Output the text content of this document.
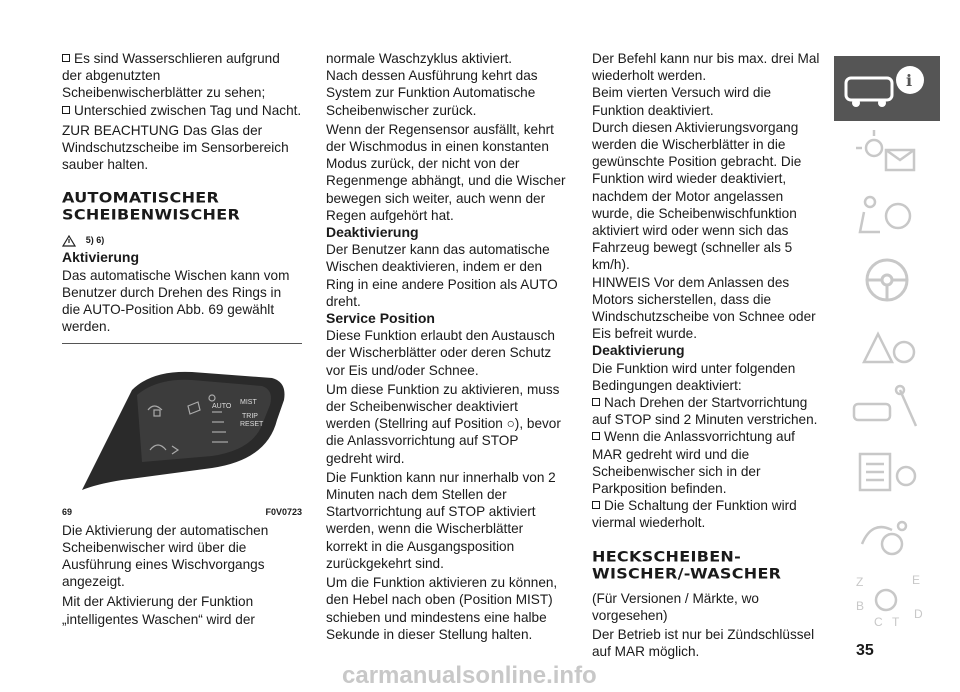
Es sind Wasserschlieren aufgrund der abgenutzten Scheibenwischerblätter zu sehen;

Unterschied zwischen Tag und Nacht.

ZUR BEACHTUNG Das Glas der Windschutzscheibe im Sensorbereich sauber halten.

AUTOMATISCHER SCHEIBENWISCHER
5) 6)

Aktivierung

Das automatische Wischen kann vom Benutzer durch Drehen des Rings in die AUTO-Position Abb. 69 gewählt werden.

AUTO
MIST
TRIP
RESET
69	F0V0723

Die Aktivierung der automatischen Scheibenwischer wird über die Ausführung eines Wischvorgangs angezeigt.

Mit der Aktivierung der Funktion „intelligentes Waschen“ wird der

normale Waschzyklus aktiviert.

Nach dessen Ausführung kehrt das System zur Funktion Automatische Scheibenwischer zurück.

Wenn der Regensensor ausfällt, kehrt der Wischmodus in einen konstanten Modus zurück, der nicht von der Regenmenge abhängt, und die Wischer bewegen sich weiter, auch wenn der Regen aufgehört hat.

Deaktivierung

Der Benutzer kann das automatische Wischen deaktivieren, indem er den Ring in eine andere Position als AUTO dreht.

Service Position

Diese Funktion erlaubt den Austausch der Wischerblätter oder deren Schutz vor Eis und/oder Schnee.

Um diese Funktion zu aktivieren, muss der Scheibenwischer deaktiviert werden (Stellring auf Position ○), bevor die Anlassvorrichtung auf STOP gedreht wird.

Die Funktion kann nur innerhalb von 2 Minuten nach dem Stellen der Startvorrichtung auf STOP aktiviert werden, wenn die Wischerblätter korrekt in die Ausgangsposition zurückgekehrt sind.

Um die Funktion aktivieren zu können, den Hebel nach oben (Position MIST) schieben und mindestens eine halbe Sekunde in dieser Stellung halten.

Der Befehl kann nur bis max. drei Mal wiederholt werden.

Beim vierten Versuch wird die Funktion deaktiviert.

Durch diesen Aktivierungsvorgang werden die Wischerblätter in die gewünschte Position gebracht. Die Funktion wird wieder deaktiviert, nachdem der Motor angelassen wurde, die Scheibenwischfunktion aktiviert wird oder wenn sich das Fahrzeug bewegt (schneller als 5 km/h).

HINWEIS Vor dem Anlassen des Motors sicherstellen, dass die Windschutzscheibe von Schnee oder Eis befreit wurde.

Deaktivierung

Die Funktion wird unter folgenden Bedingungen deaktiviert:

Nach Drehen der Startvorrichtung auf STOP sind 2 Minuten verstrichen.

Wenn die Anlassvorrichtung auf MAR gedreht wird und die Scheibenwischer sich in der Parkposition befinden.

Die Schaltung der Funktion wird viermal wiederholt.

HECKSCHEIBEN-WISCHER/-WASCHER

(Für Versionen / Märkte, wo vorgesehen)

Der Betrieb ist nur bei Zündschlüssel auf MAR möglich.

i
Z	E
B
C T
D
35
carmanualsonline.info
